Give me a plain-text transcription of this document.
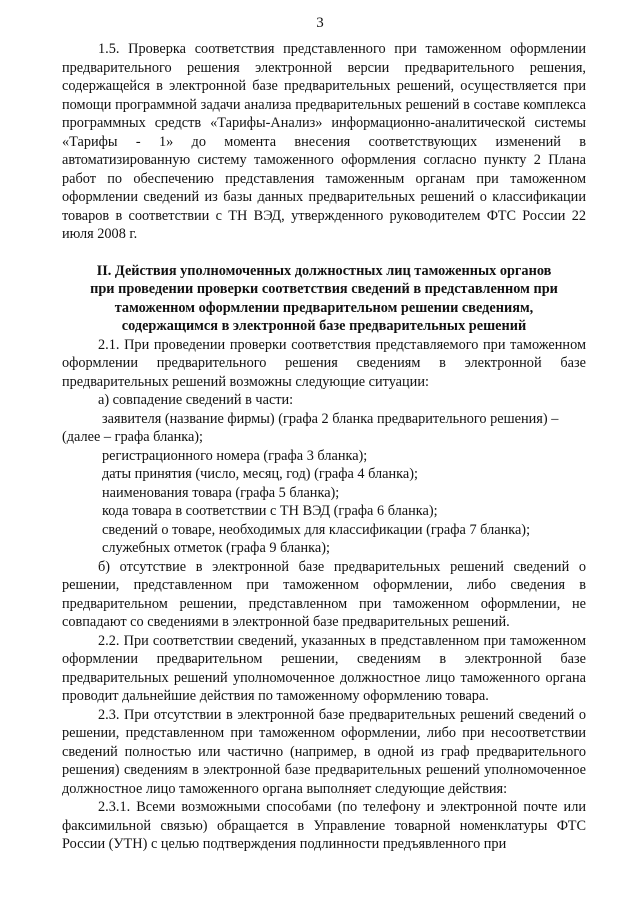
3

1.5. Проверка соответствия представленного при таможенном оформлении предварительного решения электронной версии предварительного решения, содержащейся в электронной базе предварительных решений, осуществляется при помощи программной задачи анализа предварительных решений в составе комплекса программных средств «Тарифы-Анализ» информационно-аналитической системы «Тарифы - 1» до момента внесения соответствующих изменений в автоматизированную систему таможенного оформления согласно пункту 2 Плана работ по обеспечению представления таможенным органам при таможенном оформлении сведений из базы данных предварительных решений о классификации товаров в соответствии с ТН ВЭД, утвержденного руководителем ФТС России 22 июля 2008 г.

II. Действия уполномоченных должностных лиц таможенных органов
при проведении проверки соответствия сведений в представленном при
таможенном оформлении предварительном решении сведениям,
содержащимся в электронной базе предварительных решений

2.1. При проведении проверки соответствия представляемого при таможенном оформлении предварительного решения сведениям в электронной базе предварительных решений возможны следующие ситуации:

а) совпадение сведений в части:

заявителя (название фирмы) (графа 2 бланка предварительного решения) – (далее – графа бланка);

регистрационного номера (графа 3 бланка);

даты принятия (число, месяц, год) (графа 4 бланка);

наименования товара (графа 5 бланка);

кода товара в соответствии с ТН ВЭД (графа 6 бланка);

сведений о товаре, необходимых для классификации (графа 7 бланка);

служебных отметок (графа 9 бланка);

б) отсутствие в электронной базе предварительных решений сведений о решении, представленном при таможенном оформлении, либо сведения в предварительном решении, представленном при таможенном оформлении, не совпадают со сведениями в электронной базе предварительных решений.

2.2. При соответствии сведений, указанных в представленном при таможенном оформлении предварительном решении, сведениям в электронной базе предварительных решений уполномоченное должностное лицо таможенного органа проводит дальнейшие действия по таможенному оформлению товара.

2.3. При отсутствии в электронной базе предварительных решений сведений о решении, представленном при таможенном оформлении, либо при несоответствии сведений полностью или частично (например, в одной из граф предварительного решения) сведениям в электронной базе предварительных решений уполномоченное должностное лицо таможенного органа выполняет следующие действия:

2.3.1. Всеми возможными способами (по телефону и электронной почте или факсимильной связью) обращается в Управление товарной номенклатуры ФТС России (УТН) с целью подтверждения подлинности предъявленного при
